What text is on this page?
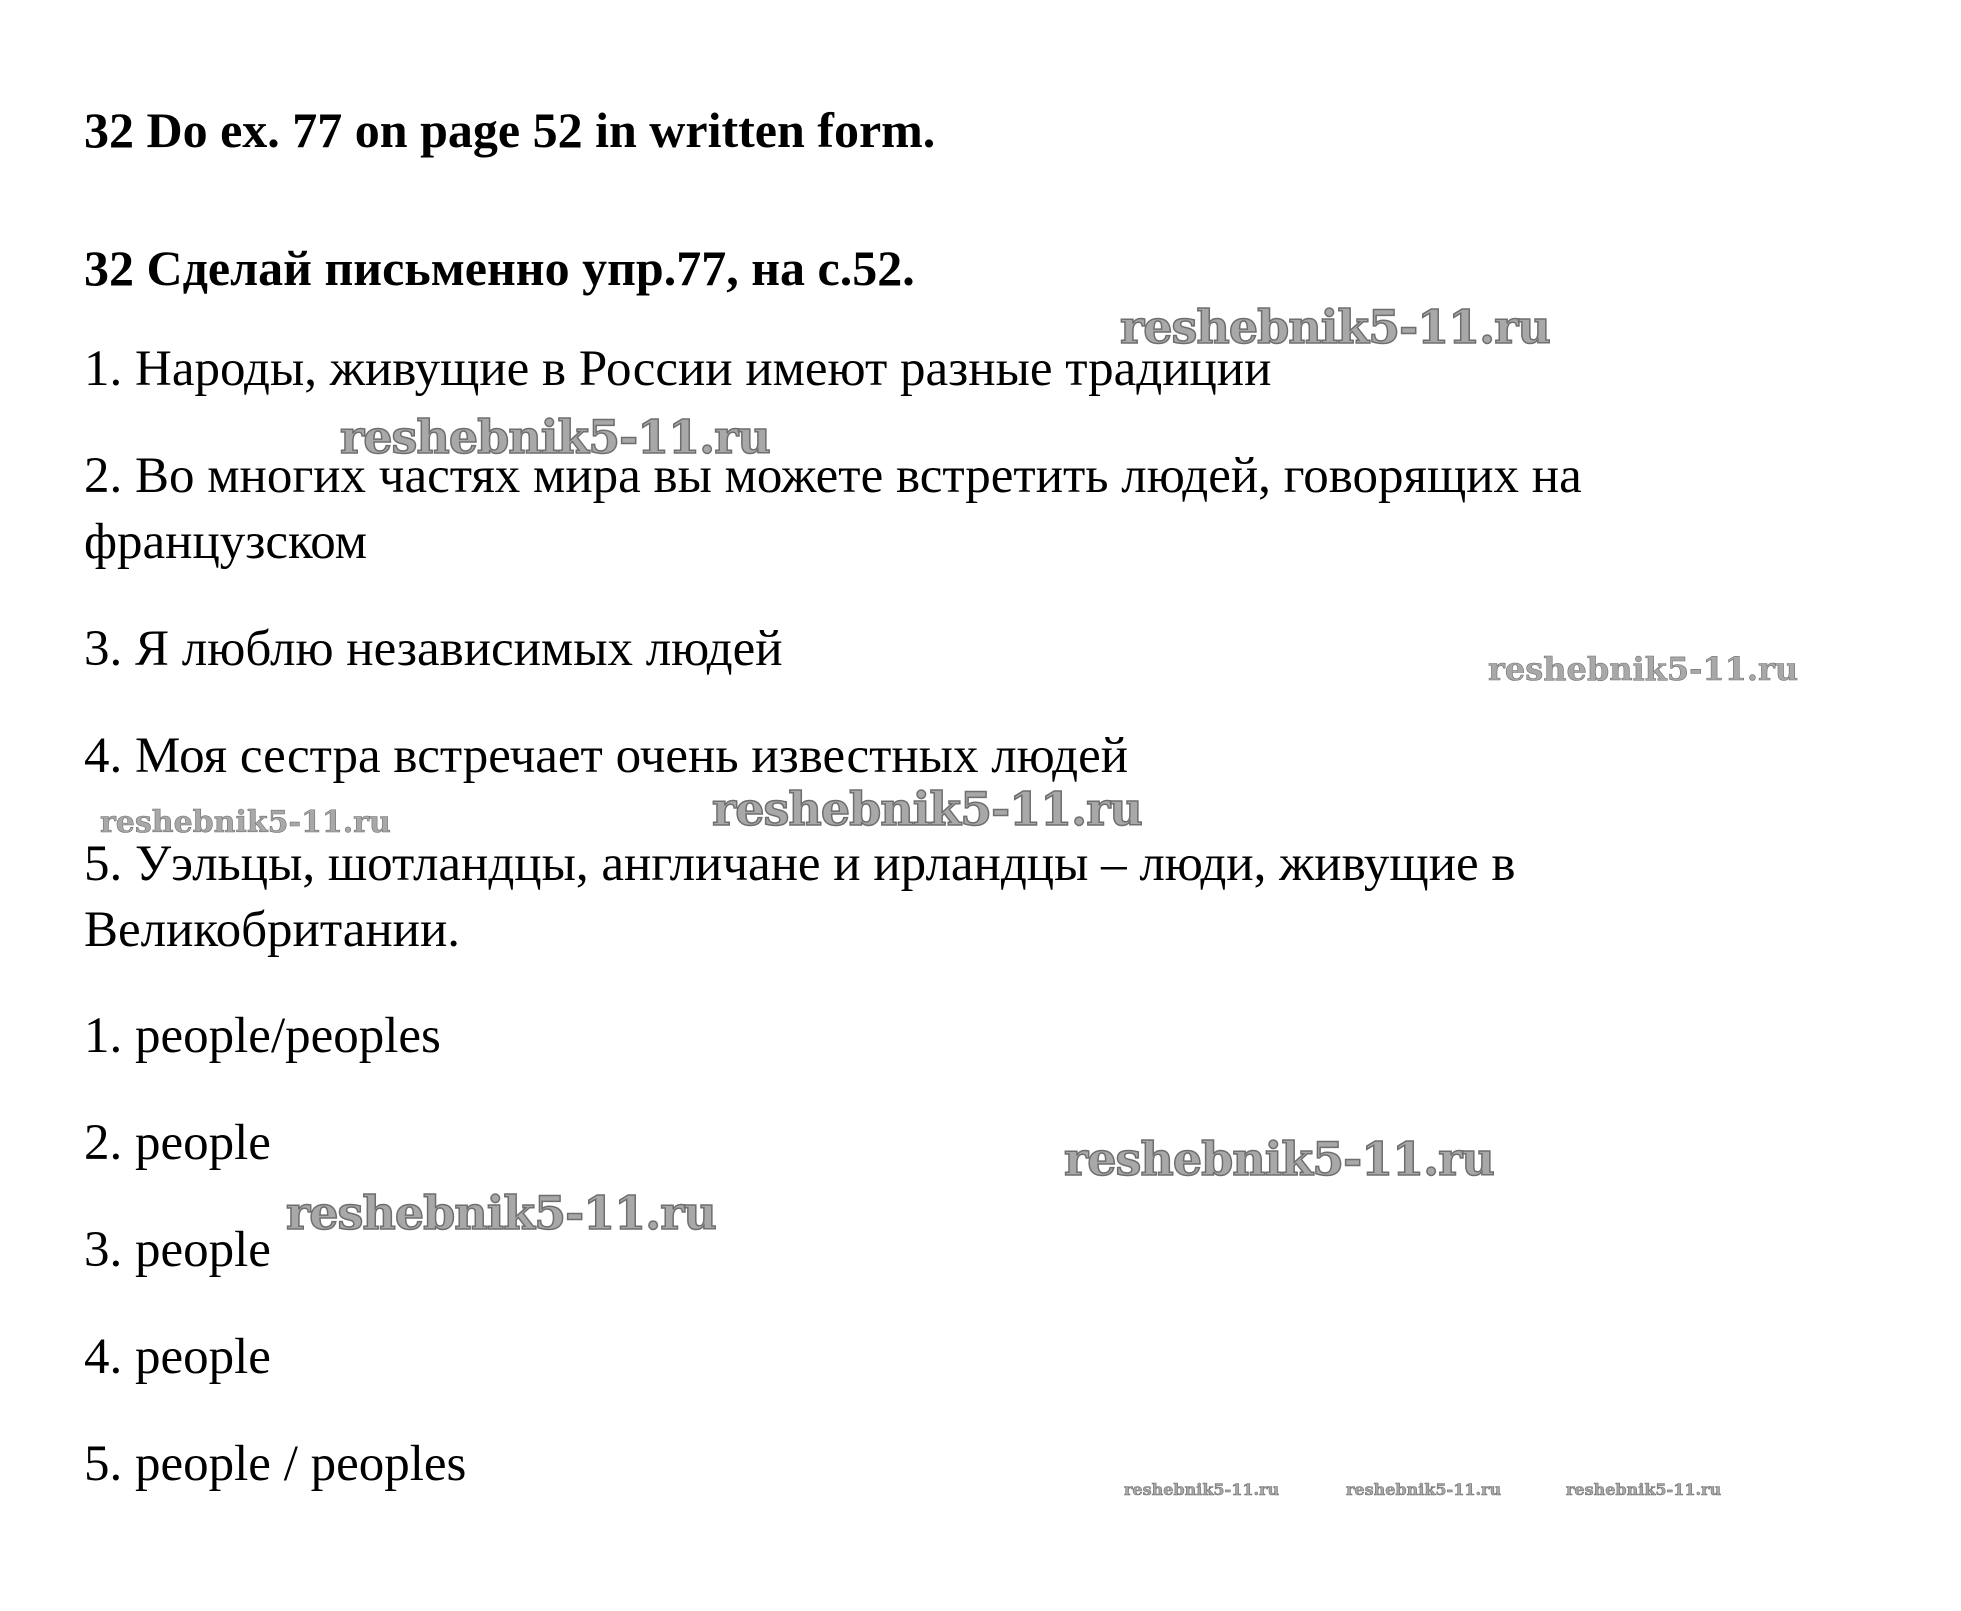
32 Do ex. 77 on page 52 in written form.
32 Сделай письменно упр.77, на с.52.
1. Народы, живущие в России имеют разные традиции
2. Во многих частях мира вы можете встретить людей, говорящих на французском
3. Я люблю независимых людей
4. Моя сестра встречает очень известных людей
5. Уэльцы, шотландцы, англичане и ирландцы – люди, живущие в Великобритании.
1. people/peoples
2. people
3. people
4. people
5. people / peoples
reshebnik5-11.ru
reshebnik5-11.ru
reshebnik5-11.ru
reshebnik5-11.ru	reshebnik5-11.ru
reshebnik5-11.ru
reshebnik5-11.ru
reshebnik5-11.ru	reshebnik5-11.ru	reshebnik5-11.ru
